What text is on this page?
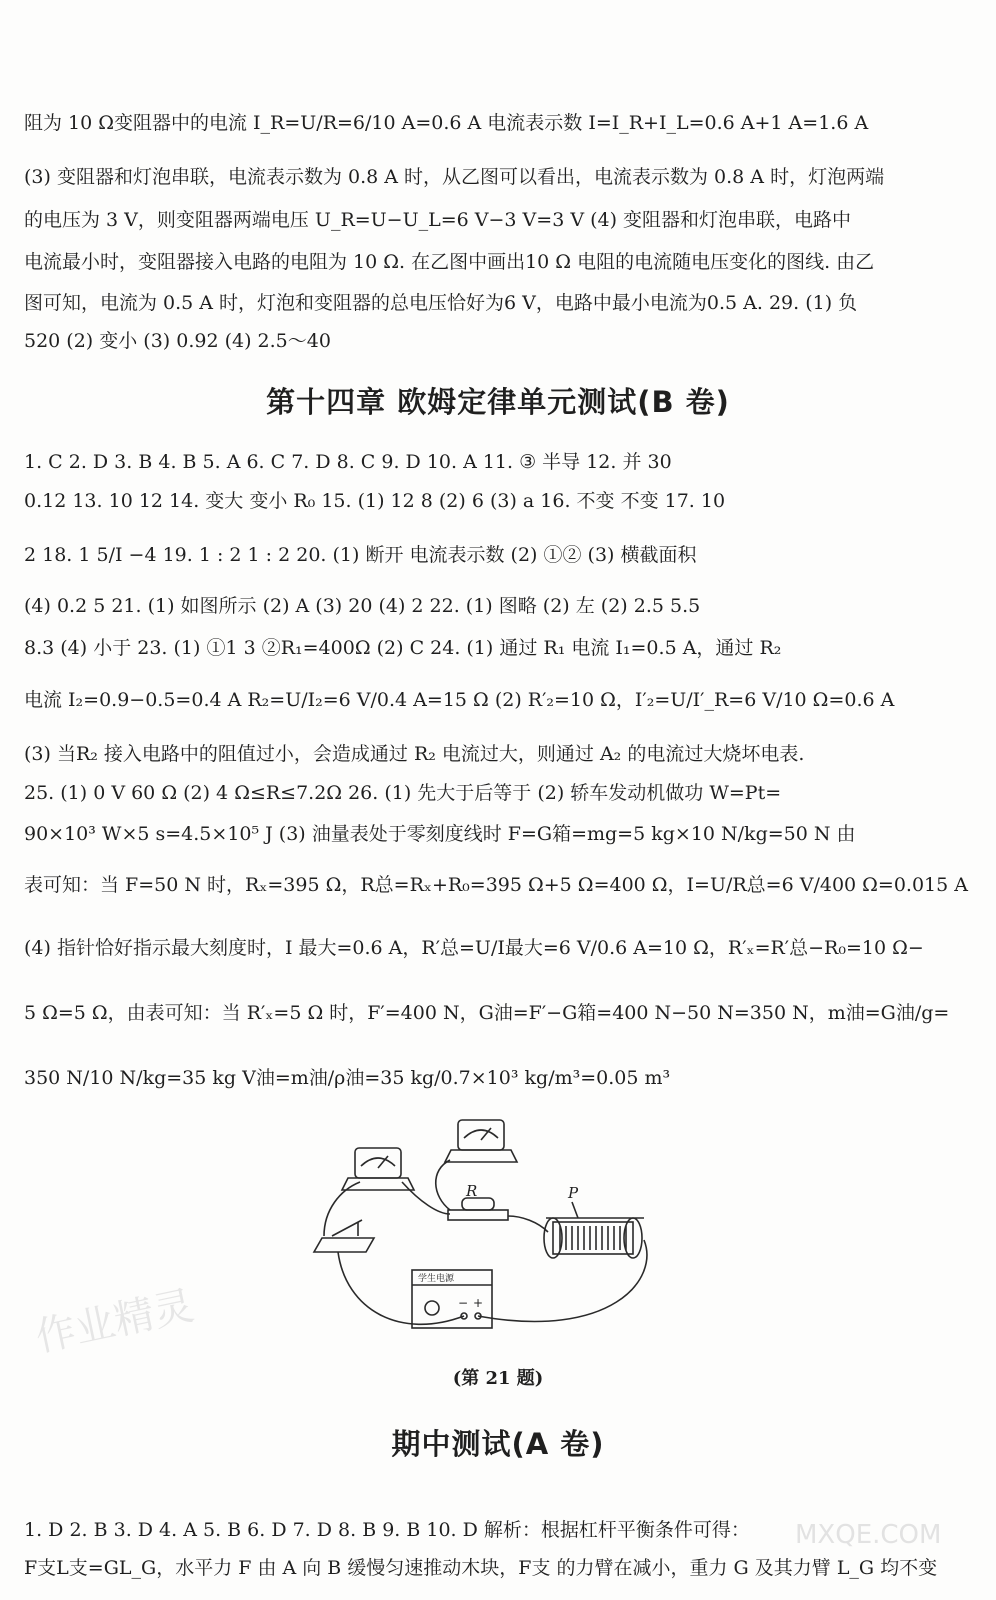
阻为 10 Ω变阻器中的电流 I_R=U/R=6/10 A=0.6 A 电流表示数 I=I_R+I_L=0.6 A+1 A=1.6 A
(3) 变阻器和灯泡串联，电流表示数为 0.8 A 时，从乙图可以看出，电流表示数为 0.8 A 时，灯泡两端
的电压为 3 V，则变阻器两端电压 U_R=U−U_L=6 V−3 V=3 V (4) 变阻器和灯泡串联，电路中
电流最小时，变阻器接入电路的电阻为 10 Ω. 在乙图中画出10 Ω 电阻的电流随电压变化的图线. 由乙
图可知，电流为 0.5 A 时，灯泡和变阻器的总电压恰好为6 V，电路中最小电流为0.5 A. 29. (1) 负
520 (2) 变小 (3) 0.92 (4) 2.5～40
第十四章 欧姆定律单元测试(B 卷)
1. C 2. D 3. B 4. B 5. A 6. C 7. D 8. C 9. D 10. A 11. ③ 半导 12. 并 30
0.12 13. 10 12 14. 变大 变小 R₀ 15. (1) 12 8 (2) 6 (3) a 16. 不变 不变 17. 10
2 18. 1 5/I −4 19. 1 : 2 1 : 2 20. (1) 断开 电流表示数 (2) ①② (3) 横截面积
(4) 0.2 5 21. (1) 如图所示 (2) A (3) 20 (4) 2 22. (1) 图略 (2) 左 (2) 2.5 5.5
8.3 (4) 小于 23. (1) ①1 3 ②R₁=400Ω (2) C 24. (1) 通过 R₁ 电流 I₁=0.5 A，通过 R₂
电流 I₂=0.9−0.5=0.4 A R₂=U/I₂=6 V/0.4 A=15 Ω (2) R′₂=10 Ω，I′₂=U/I′_R=6 V/10 Ω=0.6 A
(3) 当R₂ 接入电路中的阻值过小，会造成通过 R₂ 电流过大，则通过 A₂ 的电流过大烧坏电表.
25. (1) 0 V 60 Ω (2) 4 Ω≤R≤7.2Ω 26. (1) 先大于后等于 (2) 轿车发动机做功 W=Pt=
90×10³ W×5 s=4.5×10⁵ J (3) 油量表处于零刻度线时 F=G箱=mg=5 kg×10 N/kg=50 N 由
表可知：当 F=50 N 时，Rₓ=395 Ω，R总=Rₓ+R₀=395 Ω+5 Ω=400 Ω，I=U/R总=6 V/400 Ω=0.015 A
(4) 指针恰好指示最大刻度时，I 最大=0.6 A，R′总=U/I最大=6 V/0.6 A=10 Ω，R′ₓ=R′总−R₀=10 Ω−
5 Ω=5 Ω，由表可知：当 R′ₓ=5 Ω 时，F′=400 N，G油=F′−G箱=400 N−50 N=350 N，m油=G油/g=
350 N/10 N/kg=35 kg V油=m油/ρ油=35 kg/0.7×10³ kg/m³=0.05 m³
R	P
学生电源
− +
作业精灵
(第 21 题)
期中测试(A 卷)
1. D 2. B 3. D 4. A 5. B 6. D 7. D 8. B 9. B 10. D 解析：根据杠杆平衡条件可得：
F支L支=GL_G，水平力 F 由 A 向 B 缓慢匀速推动木块，F支 的力臂在减小，重力 G 及其力臂 L_G 均不变
MXQE.COM
